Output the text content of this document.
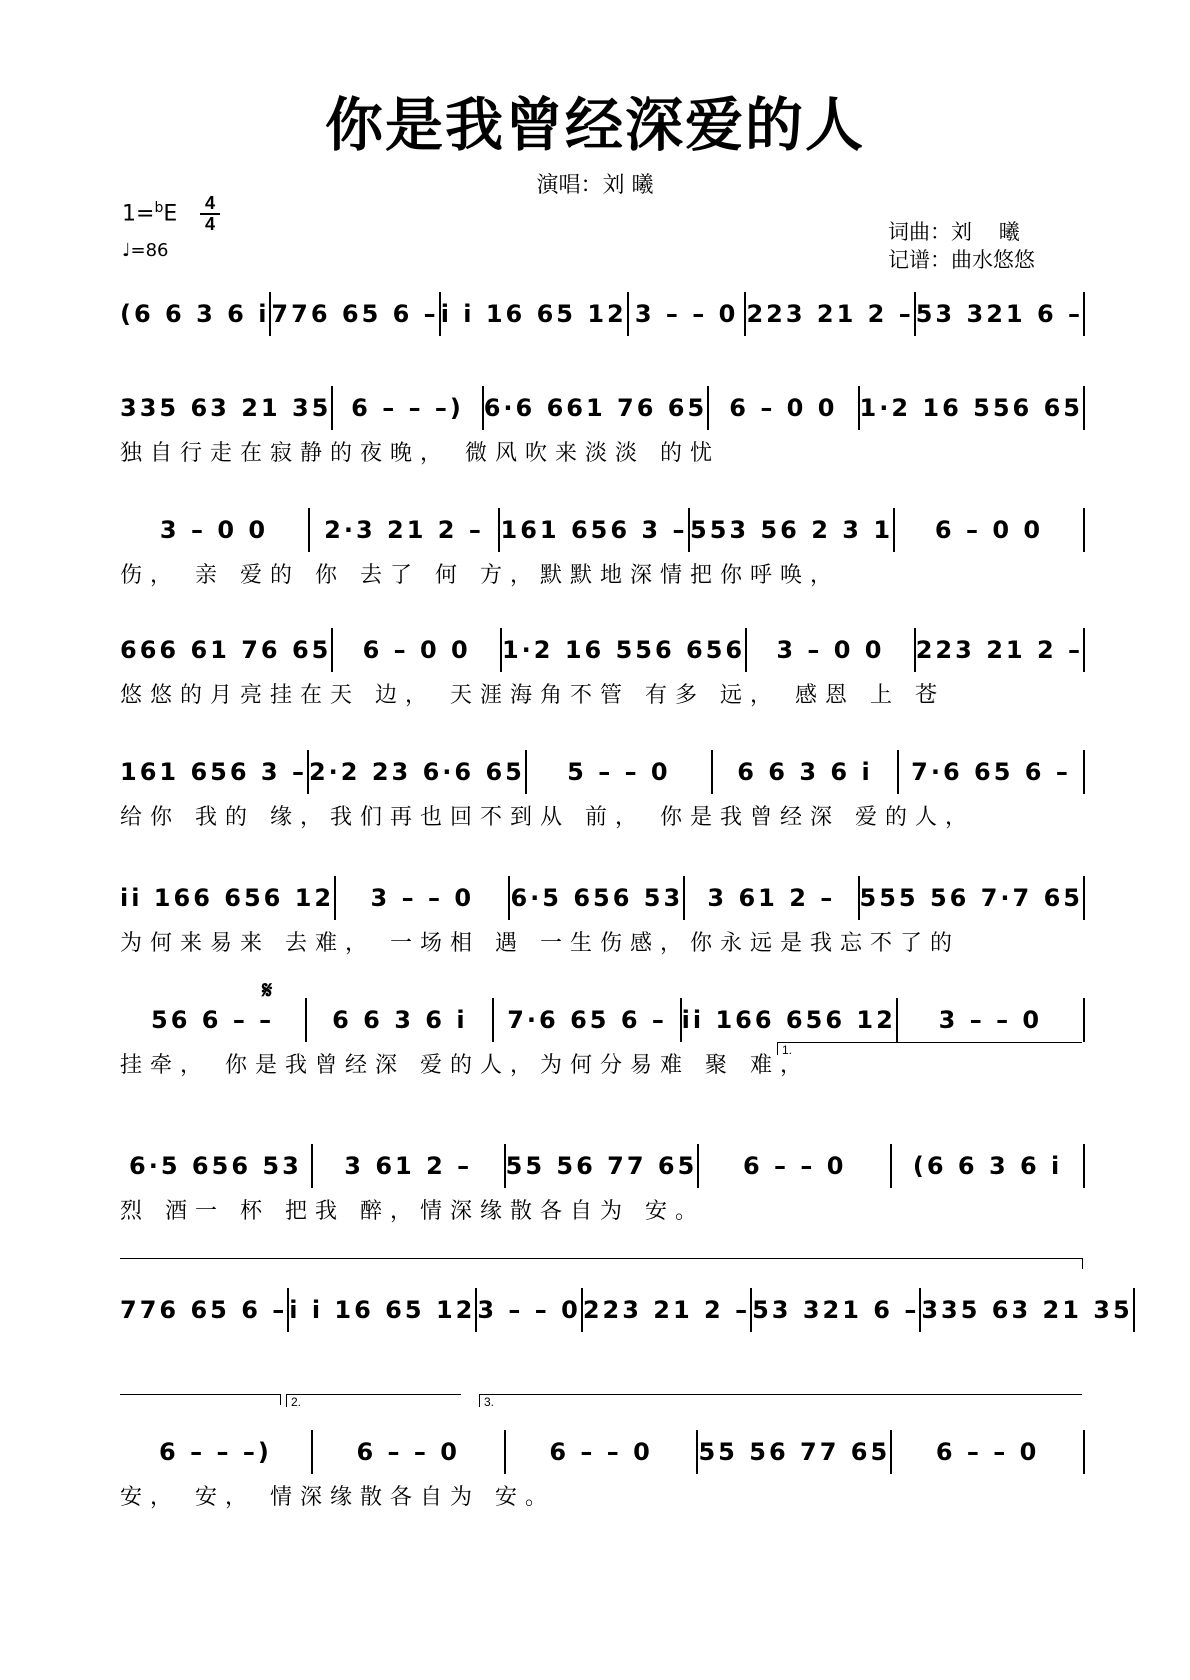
你是我曾经深爱的人
演唱：刘 曦
1=$^b$E 4
4
♩=86
词曲：刘    曦
记谱：曲水悠悠
𝄋
1.
2.	3.
(6 6 3 6 i 776 65 6 – i i 16 65 12 3 – – 0 223 21 2 – 53 321 6 –
335 63 21 35 6 – – –) 6·6 661 76 65 6 – 0 0 1·2 16 556 65
独自行走在寂静的夜晚， 微风吹来淡淡 的忧
3 – 0 0	2·3 21 2 – 161 656 3 – 553 56 2 3 1	6 – 0 0
伤， 亲 爱的 你 去了 何 方，默默地深情把你呼唤，
666 61 76 65	6 – 0 0	1·2 16 556 656	3 – 0 0	223 21 2 –
悠悠的月亮挂在天 边， 天涯海角不管 有多 远， 感恩 上 苍
161 656 3 – 2·2 23 6·6 65	5 – – 0	6 6 3 6 i	7·6 65 6 –
给你 我的 缘，我们再也回不到从 前， 你是我曾经深 爱的人，
ii 166 656 12	3 – – 0	6·5 656 53	3 61 2 –	555 56 7·7 65
为何来易来 去难， 一场相 遇 一生伤感，你永远是我忘不了的
56 6 – –	6 6 3 6 i	7·6 65 6 – ii 166 656 12	3 – – 0
挂牵， 你是我曾经深 爱的人，为何分易难 聚 难，
6·5 656 53	3 61 2 –	55 56 77 65	6 – – 0	(6 6 3 6 i
烈 酒一 杯 把我 醉，情深缘散各自为 安。
776 65 6 – i i 16 65 12 3 – – 0 223 21 2 – 53 321 6 – 335 63 21 35
6 – – –)	6 – – 0	6 – – 0	55 56 77 65	6 – – 0
安， 安， 情深缘散各自为 安。
